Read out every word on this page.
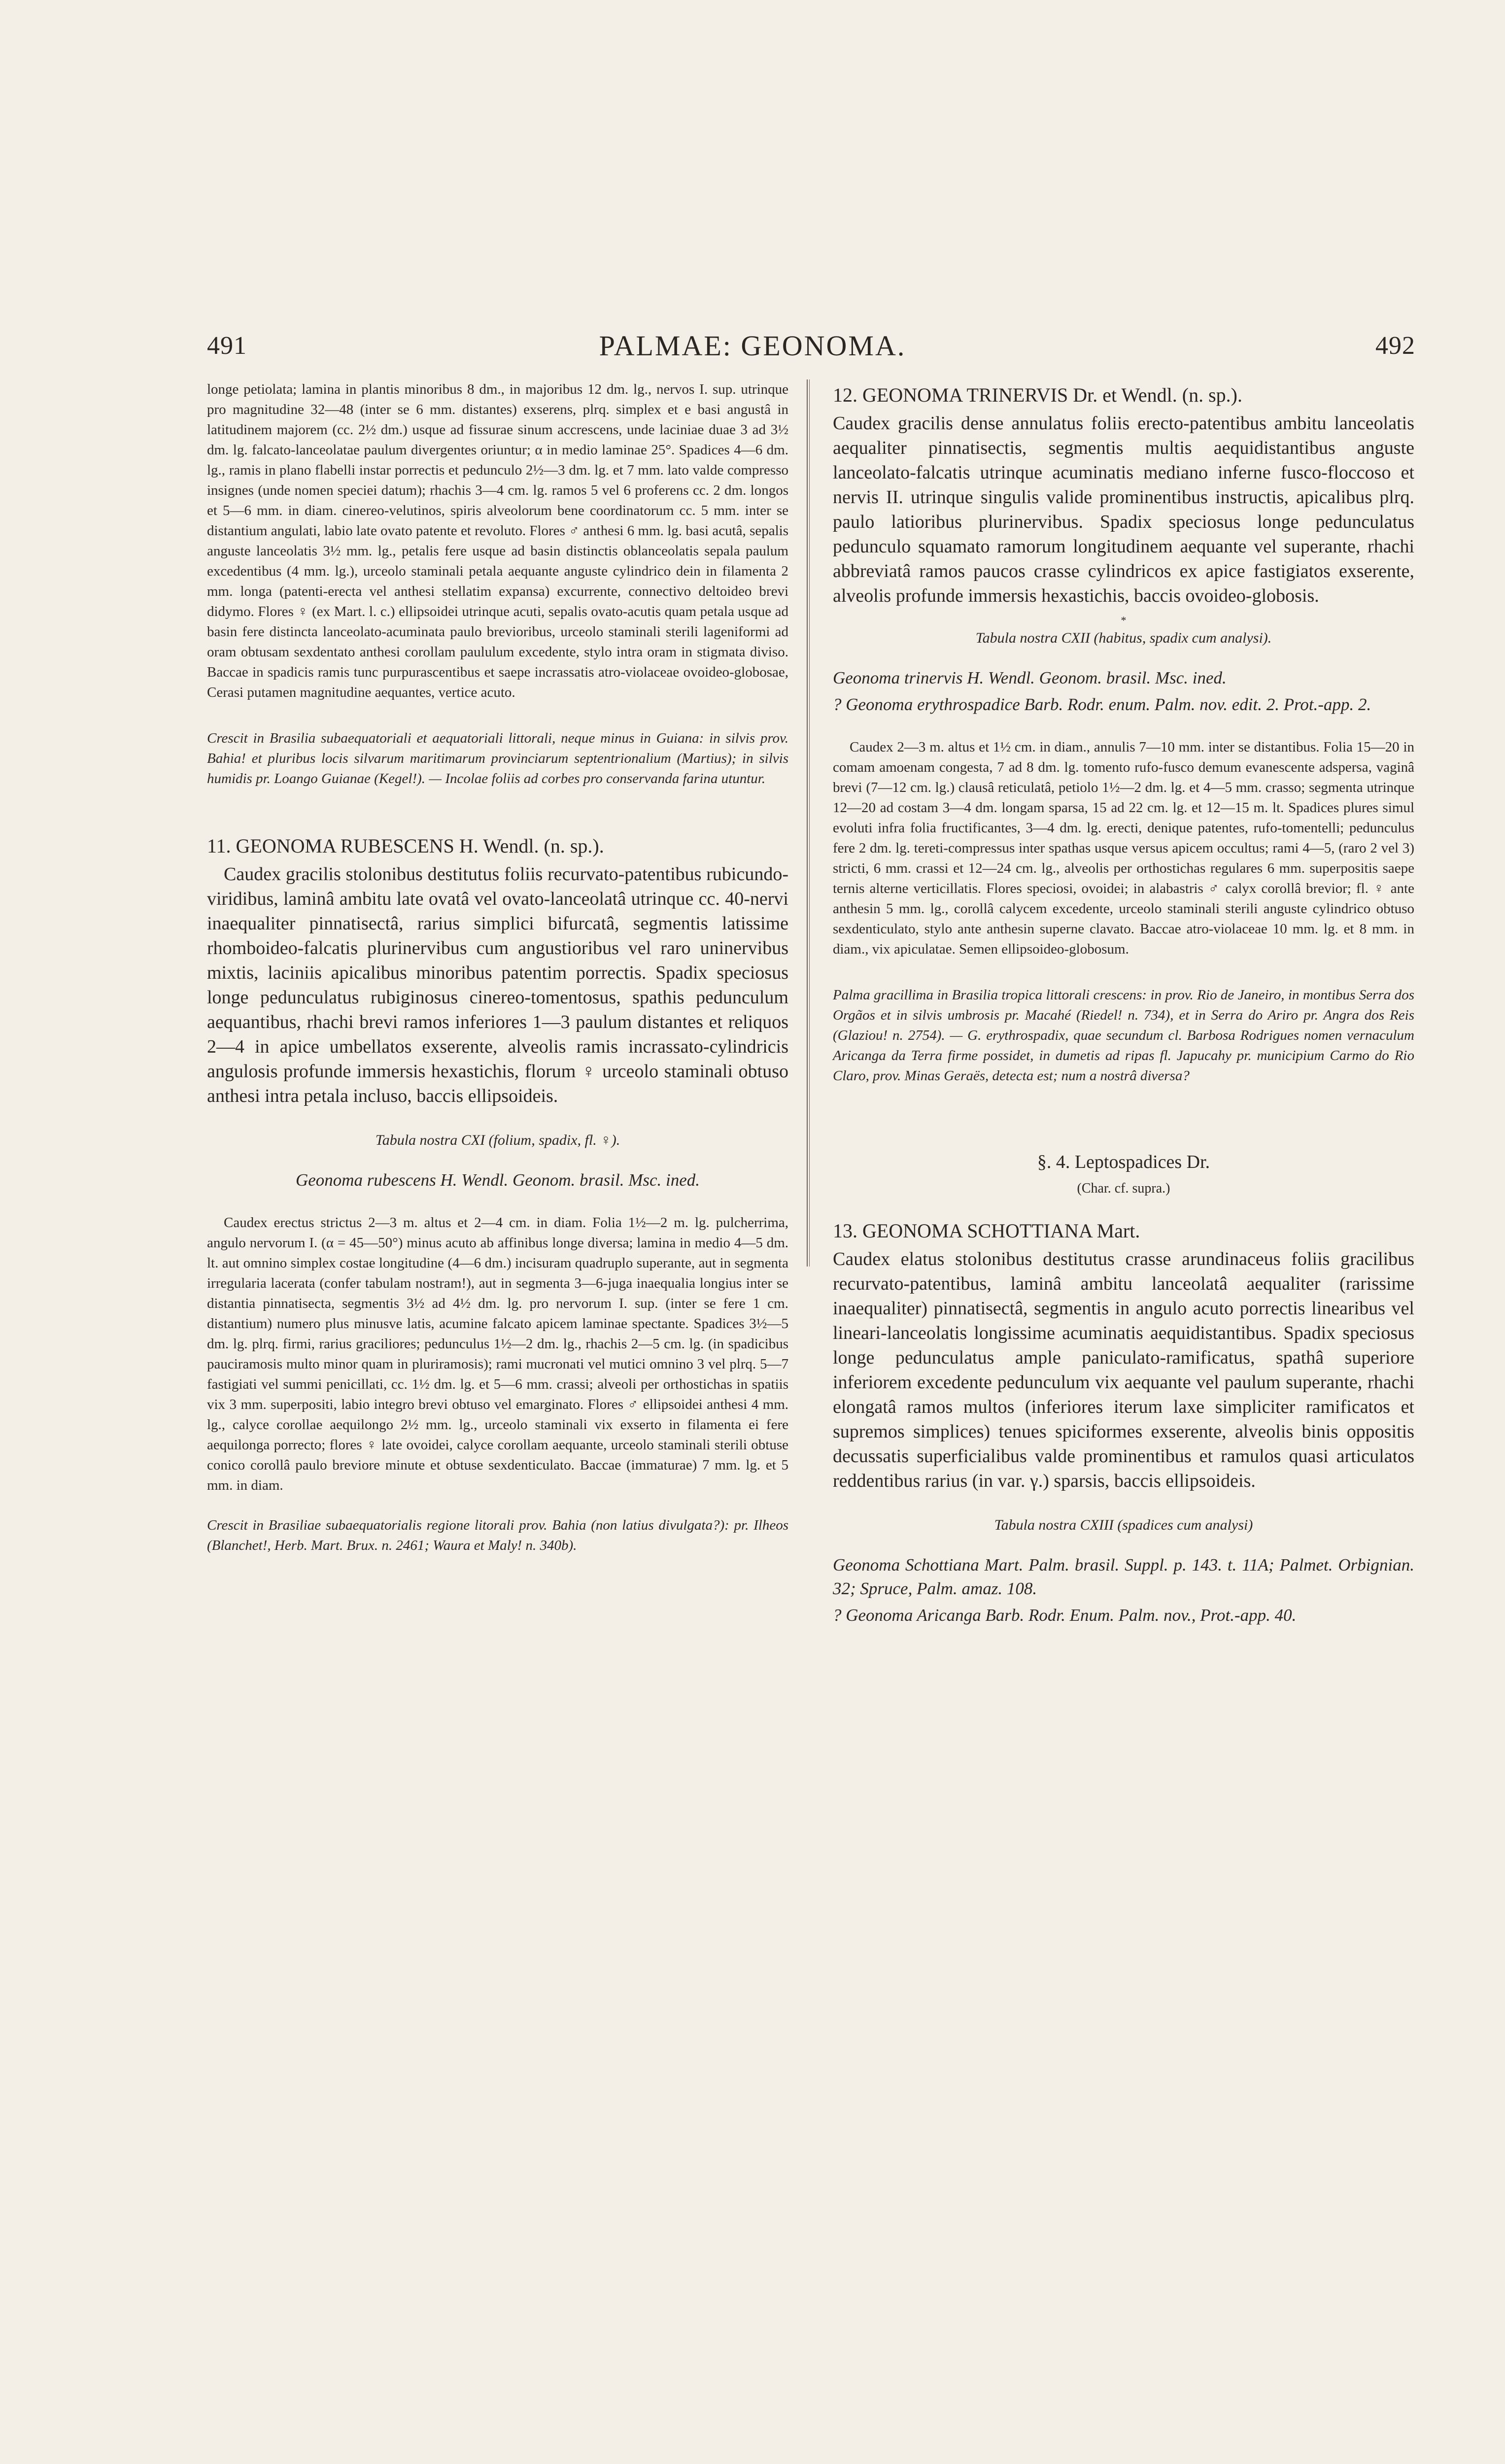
491	PALMAE: GEONOMA.	492

longe petiolata; lamina in plantis minoribus 8 dm., in majoribus 12 dm. lg., nervos I. sup. utrinque pro magnitudine 32—48 (inter se 6 mm. distantes) exserens, plrq. simplex et e basi angustâ in latitudinem majorem (cc. 2½ dm.) usque ad fissurae sinum accrescens, unde laciniae duae 3 ad 3½ dm. lg. falcato-lanceolatae paulum divergentes oriuntur; α in medio laminae 25°. Spadices 4—6 dm. lg., ramis in plano flabelli instar porrectis et pedunculo 2½—3 dm. lg. et 7 mm. lato valde compresso insignes (unde nomen speciei datum); rhachis 3—4 cm. lg. ramos 5 vel 6 proferens cc. 2 dm. longos et 5—6 mm. in diam. cinereo-velutinos, spiris alveolorum bene coordinatorum cc. 5 mm. inter se distantium angulati, labio late ovato patente et revoluto. Flores ♂ anthesi 6 mm. lg. basi acutâ, sepalis anguste lanceolatis 3½ mm. lg., petalis fere usque ad basin distinctis oblanceolatis sepala paulum excedentibus (4 mm. lg.), urceolo staminali petala aequante anguste cylindrico dein in filamenta 2 mm. longa (patenti-erecta vel anthesi stellatim expansa) excurrente, connectivo deltoideo brevi didymo. Flores ♀ (ex Mart. l. c.) ellipsoidei utrinque acuti, sepalis ovato-acutis quam petala usque ad basin fere distincta lanceolato-acuminata paulo brevioribus, urceolo staminali sterili lageniformi ad oram obtusam sexdentato anthesi corollam paululum excedente, stylo intra oram in stigmata diviso. Baccae in spadicis ramis tunc purpurascentibus et saepe incrassatis atro-violaceae ovoideo-globosae, Cerasi putamen magnitudine aequantes, vertice acuto.

Crescit in Brasilia subaequatoriali et aequatoriali littorali, neque minus in Guiana: in silvis prov. Bahia! et pluribus locis silvarum maritimarum provinciarum septentrionalium (Martius); in silvis humidis pr. Loango Guianae (Kegel!). — Incolae foliis ad corbes pro conservanda farina utuntur.

11. GEONOMA RUBESCENS H. Wendl. (n. sp.).

Caudex gracilis stolonibus destitutus foliis recurvato-patentibus rubicundo-viridibus, laminâ ambitu late ovatâ vel ovato-lanceolatâ utrinque cc. 40-nervi inaequaliter pinnatisectâ, rarius simplici bifurcatâ, segmentis latissime rhomboideo-falcatis plurinervibus cum angustioribus vel raro uninervibus mixtis, laciniis apicalibus minoribus patentim porrectis. Spadix speciosus longe pedunculatus rubiginosus cinereo-tomentosus, spathis pedunculum aequantibus, rhachi brevi ramos inferiores 1—3 paulum distantes et reliquos 2—4 in apice umbellatos exserente, alveolis ramis incrassato-cylindricis angulosis profunde immersis hexastichis, florum ♀ urceolo staminali obtuso anthesi intra petala incluso, baccis ellipsoideis.

Tabula nostra CXI (folium, spadix, fl. ♀).

Geonoma rubescens H. Wendl. Geonom. brasil. Msc. ined.

Caudex erectus strictus 2—3 m. altus et 2—4 cm. in diam. Folia 1½—2 m. lg. pulcherrima, angulo nervorum I. (α = 45—50°) minus acuto ab affinibus longe diversa; lamina in medio 4—5 dm. lt. aut omnino simplex costae longitudine (4—6 dm.) incisuram quadruplo superante, aut in segmenta irregularia lacerata (confer tabulam nostram!), aut in segmenta 3—6-juga inaequalia longius inter se distantia pinnatisecta, segmentis 3½ ad 4½ dm. lg. pro nervorum I. sup. (inter se fere 1 cm. distantium) numero plus minusve latis, acumine falcato apicem laminae spectante. Spadices 3½—5 dm. lg. plrq. firmi, rarius graciliores; pedunculus 1½—2 dm. lg., rhachis 2—5 cm. lg. (in spadicibus pauciramosis multo minor quam in pluriramosis); rami mucronati vel mutici omnino 3 vel plrq. 5—7 fastigiati vel summi penicillati, cc. 1½ dm. lg. et 5—6 mm. crassi; alveoli per orthostichas in spatiis vix 3 mm. superpositi, labio integro brevi obtuso vel emarginato. Flores ♂ ellipsoidei anthesi 4 mm. lg., calyce corollae aequilongo 2½ mm. lg., urceolo staminali vix exserto in filamenta ei fere aequilonga porrecto; flores ♀ late ovoidei, calyce corollam aequante, urceolo staminali sterili obtuse conico corollâ paulo breviore minute et obtuse sexdenticulato. Baccae (immaturae) 7 mm. lg. et 5 mm. in diam.

Crescit in Brasiliae subaequatorialis regione litorali prov. Bahia (non latius divulgata?): pr. Ilheos (Blanchet!, Herb. Mart. Brux. n. 2461; Waura et Maly! n. 340b).

12. GEONOMA TRINERVIS Dr. et Wendl. (n. sp.).

Caudex gracilis dense annulatus foliis erecto-patentibus ambitu lanceolatis aequaliter pinnatisectis, segmentis multis aequidistantibus anguste lanceolato-falcatis utrinque acuminatis mediano inferne fusco-floccoso et nervis II. utrinque singulis valide prominentibus instructis, apicalibus plrq. paulo latioribus plurinervibus. Spadix speciosus longe pedunculatus pedunculo squamato ramorum longitudinem aequante vel superante, rhachi abbreviatâ ramos paucos crasse cylindricos ex apice fastigiatos exserente, alveolis profunde immersis hexastichis, baccis ovoideo-globosis.

*

Tabula nostra CXII (habitus, spadix cum analysi).

Geonoma trinervis H. Wendl. Geonom. brasil. Msc. ined.

? Geonoma erythrospadice Barb. Rodr. enum. Palm. nov. edit. 2. Prot.-app. 2.

Caudex 2—3 m. altus et 1½ cm. in diam., annulis 7—10 mm. inter se distantibus. Folia 15—20 in comam amoenam congesta, 7 ad 8 dm. lg. tomento rufo-fusco demum evanescente adspersa, vaginâ brevi (7—12 cm. lg.) clausâ reticulatâ, petiolo 1½—2 dm. lg. et 4—5 mm. crasso; segmenta utrinque 12—20 ad costam 3—4 dm. longam sparsa, 15 ad 22 cm. lg. et 12—15 m. lt. Spadices plures simul evoluti infra folia fructificantes, 3—4 dm. lg. erecti, denique patentes, rufo-tomentelli; pedunculus fere 2 dm. lg. tereti-compressus inter spathas usque versus apicem occultus; rami 4—5, (raro 2 vel 3) stricti, 6 mm. crassi et 12—24 cm. lg., alveolis per orthostichas regulares 6 mm. superpositis saepe ternis alterne verticillatis. Flores speciosi, ovoidei; in alabastris ♂ calyx corollâ brevior; fl. ♀ ante anthesin 5 mm. lg., corollâ calycem excedente, urceolo staminali sterili anguste cylindrico obtuso sexdenticulato, stylo ante anthesin superne clavato. Baccae atro-violaceae 10 mm. lg. et 8 mm. in diam., vix apiculatae. Semen ellipsoideo-globosum.

Palma gracillima in Brasilia tropica littorali crescens: in prov. Rio de Janeiro, in montibus Serra dos Orgãos et in silvis umbrosis pr. Macahé (Riedel! n. 734), et in Serra do Ariro pr. Angra dos Reis (Glaziou! n. 2754). — G. erythrospadix, quae secundum cl. Barbosa Rodrigues nomen vernaculum Aricanga da Terra firme possidet, in dumetis ad ripas fl. Japucahy pr. municipium Carmo do Rio Claro, prov. Minas Geraës, detecta est; num a nostrâ diversa?

§. 4. Leptospadices Dr.

(Char. cf. supra.)

13. GEONOMA SCHOTTIANA Mart.

Caudex elatus stolonibus destitutus crasse arundinaceus foliis gracilibus recurvato-patentibus, laminâ ambitu lanceolatâ aequaliter (rarissime inaequaliter) pinnatisectâ, segmentis in angulo acuto porrectis linearibus vel lineari-lanceolatis longissime acuminatis aequidistantibus. Spadix speciosus longe pedunculatus ample paniculato-ramificatus, spathâ superiore inferiorem excedente pedunculum vix aequante vel paulum superante, rhachi elongatâ ramos multos (inferiores iterum laxe simpliciter ramificatos et supremos simplices) tenues spiciformes exserente, alveolis binis oppositis decussatis superficialibus valde prominentibus et ramulos quasi articulatos reddentibus rarius (in var. γ.) sparsis, baccis ellipsoideis.

Tabula nostra CXIII (spadices cum analysi)

Geonoma Schottiana Mart. Palm. brasil. Suppl. p. 143. t. 11A; Palmet. Orbignian. 32; Spruce, Palm. amaz. 108.

? Geonoma Aricanga Barb. Rodr. Enum. Palm. nov., Prot.-app. 40.
